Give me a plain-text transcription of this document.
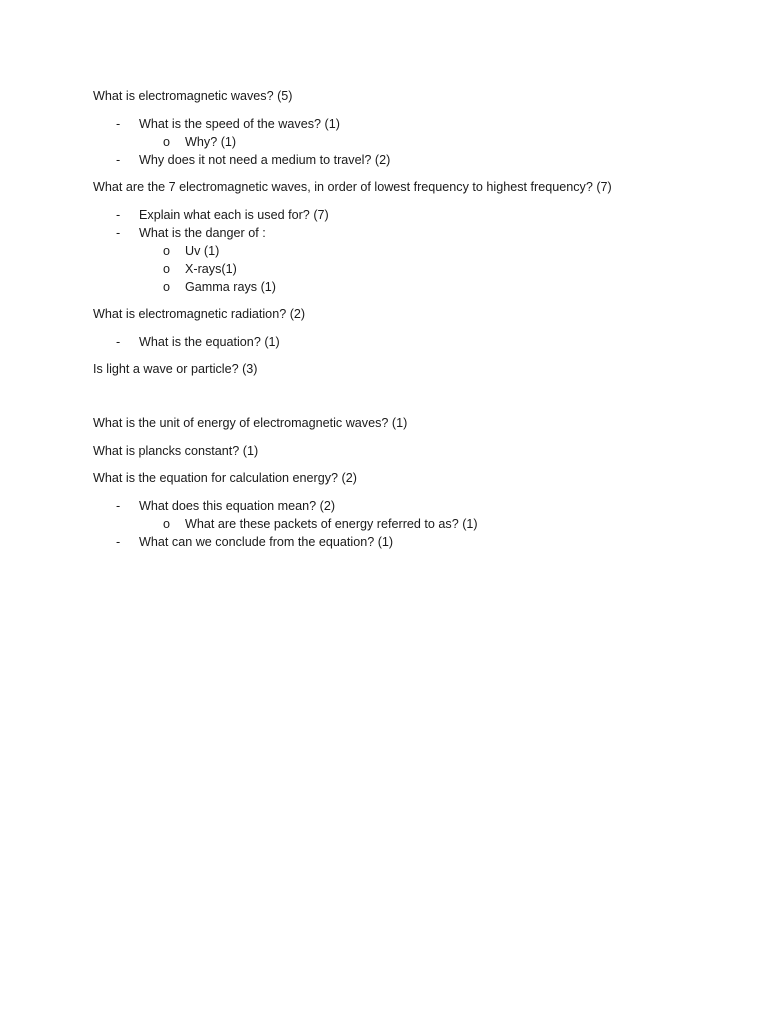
What is electromagnetic waves? (5)

- What is the speed of the waves? (1)

o Why? (1)

- Why does it not need a medium to travel? (2)

What are the 7 electromagnetic waves, in order of lowest frequency to highest frequency? (7)

- Explain what each is used for? (7)

- What is the danger of :

o Uv (1)

o X-rays(1)

o Gamma rays (1)

What is electromagnetic radiation? (2)

- What is the equation? (1)

Is light a wave or particle? (3)

What is the unit of energy of electromagnetic waves? (1)

What is plancks constant? (1)

What is the equation for calculation energy? (2)

- What does this equation mean? (2)

o What are these packets of energy referred to as? (1)

- What can we conclude from the equation? (1)
